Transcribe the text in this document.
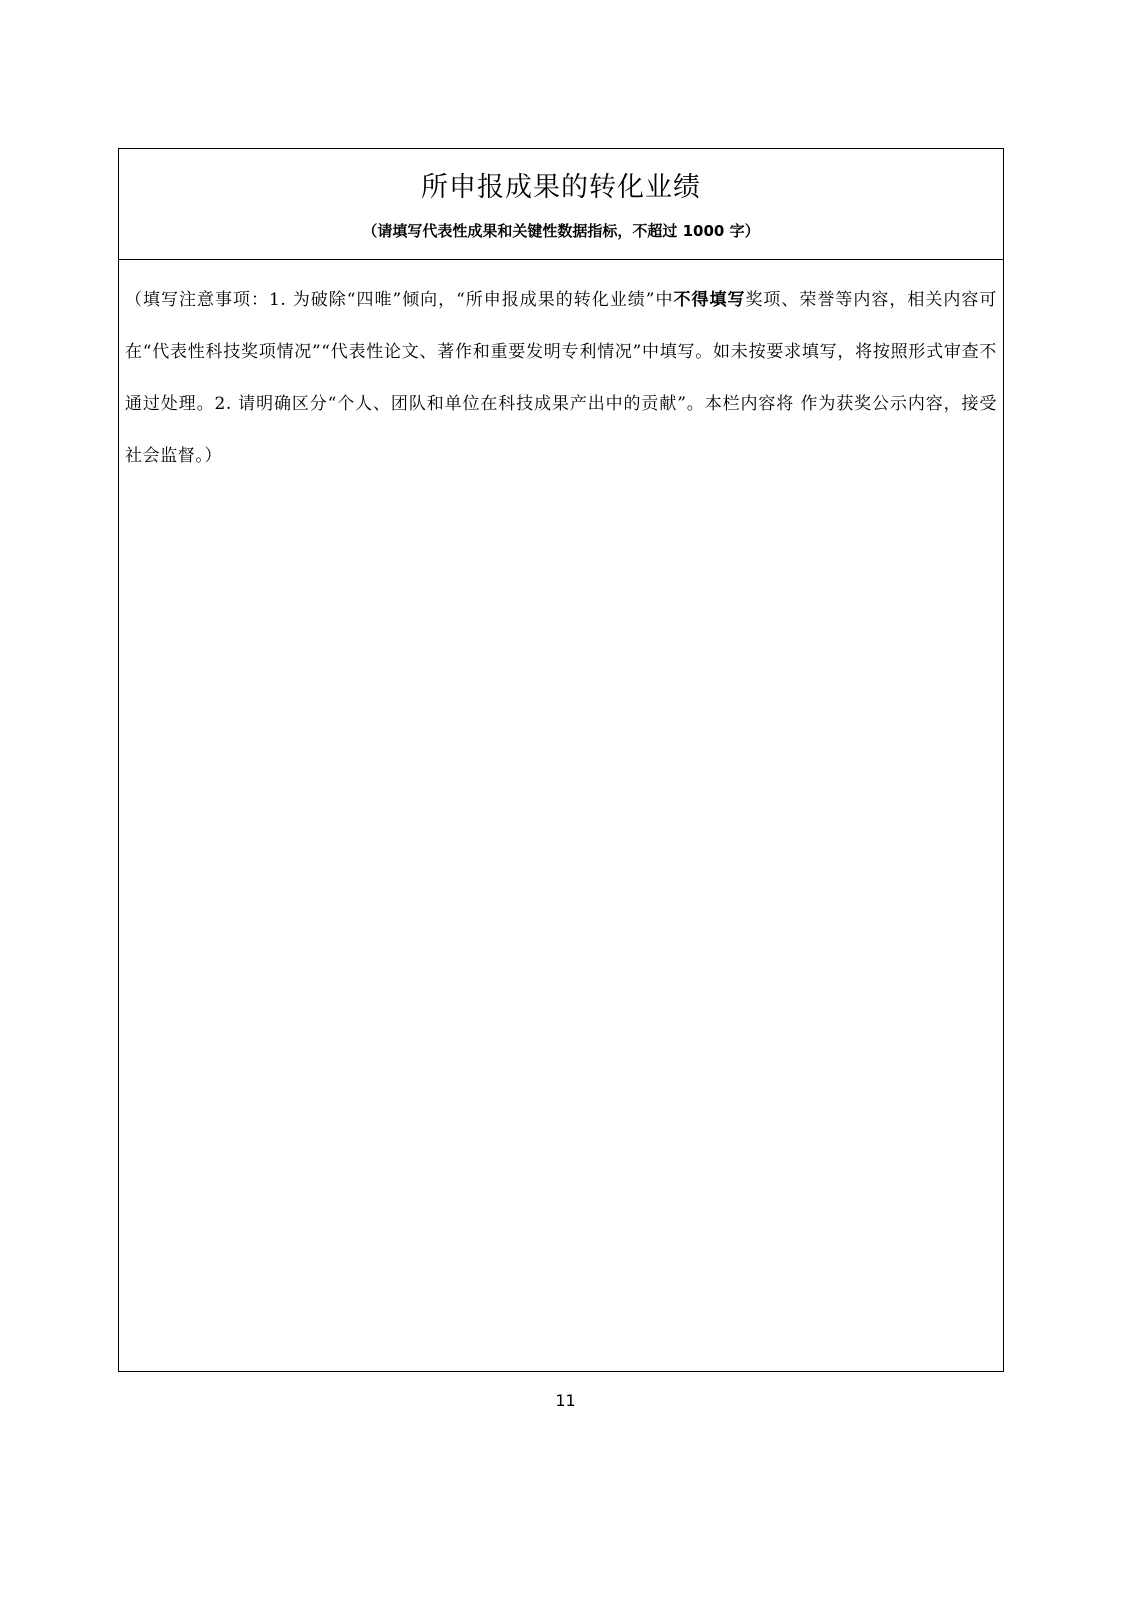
所申报成果的转化业绩
（请填写代表性成果和关键性数据指标，不超过 1000 字）

（填写注意事项：1. 为破除“四唯”倾向，“所申报成果的转化业绩”中不得填写奖项、荣誉等内容，相关内容可在“代表性科技奖项情况”“代表性论文、著作和重要发明专利情况”中填写。如未按要求填写，将按照形式审查不通过处理。2. 请明确区分“个人、团队和单位在科技成果产出中的贡献”。本栏内容将 作为获奖公示内容，接受社会监督。）

11
